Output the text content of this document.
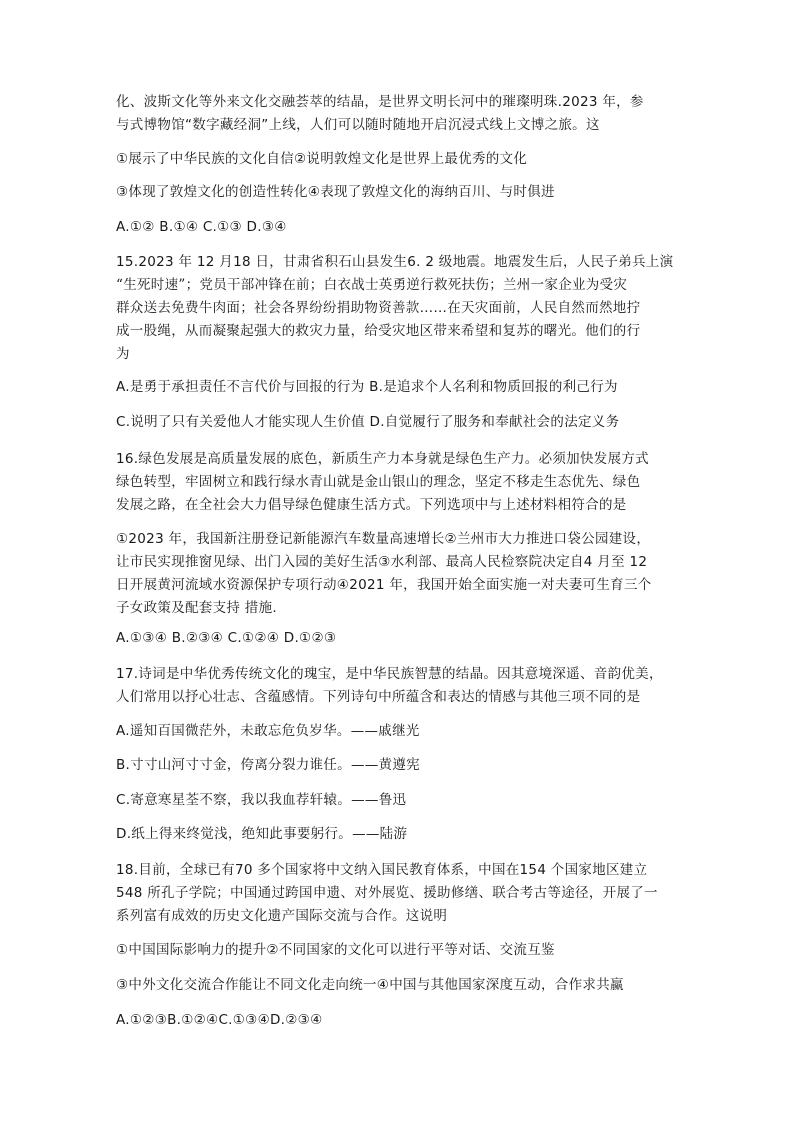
化、波斯文化等外来文化交融荟萃的结晶，是世界文明长河中的璀璨明珠.2023 年，参
与式博物馆“数字藏经洞”上线，人们可以随时随地开启沉浸式线上文博之旅。这
①展示了中华民族的文化自信②说明敦煌文化是世界上最优秀的文化
③体现了敦煌文化的创造性转化④表现了敦煌文化的海纳百川、与时俱进
A.①② B.①④ C.①③ D.③④
15.2023 年 12 月18 日，甘肃省积石山县发生6. 2 级地震。地震发生后，人民子弟兵上演
“生死时速”；党员干部冲锋在前；白衣战士英勇逆行救死扶伤；兰州一家企业为受灾
群众送去免费牛肉面；社会各界纷纷捐助物资善款……在天灾面前，人民自然而然地拧
成一股绳，从而凝聚起强大的救灾力量，给受灾地区带来希望和复苏的曙光。他们的行
为
A.是勇于承担责任不言代价与回报的行为 B.是追求个人名利和物质回报的利己行为
C.说明了只有关爱他人才能实现人生价值 D.自觉履行了服务和奉献社会的法定义务
16.绿色发展是高质量发展的底色，新质生产力本身就是绿色生产力。必须加快发展方式
绿色转型，牢固树立和践行绿水青山就是金山银山的理念，坚定不移走生态优先、绿色
发展之路，在全社会大力倡导绿色健康生活方式。下列选项中与上述材料相符合的是
①2023 年，我国新注册登记新能源汽车数量高速增长②兰州市大力推进口袋公园建设，
让市民实现推窗见绿、出门入园的美好生活③水利部、最高人民检察院决定自4 月至 12
日开展黄河流域水资源保护专项行动④2021 年，我国开始全面实施一对夫妻可生育三个
子女政策及配套支持 措施.
A.①③④ B.②③④ C.①②④ D.①②③
17.诗词是中华优秀传统文化的瑰宝，是中华民族智慧的结晶。因其意境深遥、音韵优美，
人们常用以抒心壮志、含蕴感情。下列诗句中所蕴含和表达的情感与其他三项不同的是
A.遥知百国微茫外，未敢忘危负岁华。——戚继光
B.寸寸山河寸寸金，侉离分裂力谁任。——黄遵宪
C.寄意寒星荃不察，我以我血荐轩辕。——鲁迅
D.纸上得来终觉浅，绝知此事要躬行。——陆游
18.目前，全球已有70 多个国家将中文纳入国民教育体系，中国在154 个国家地区建立
548 所孔子学院；中国通过跨国申遗、对外展览、援助修缮、联合考古等途径，开展了一
系列富有成效的历史文化遗产国际交流与合作。这说明
①中国国际影响力的提升②不同国家的文化可以进行平等对话、交流互鉴
③中外文化交流合作能让不同文化走向统一④中国与其他国家深度互动，合作求共赢
A.①②③B.①②④C.①③④D.②③④
